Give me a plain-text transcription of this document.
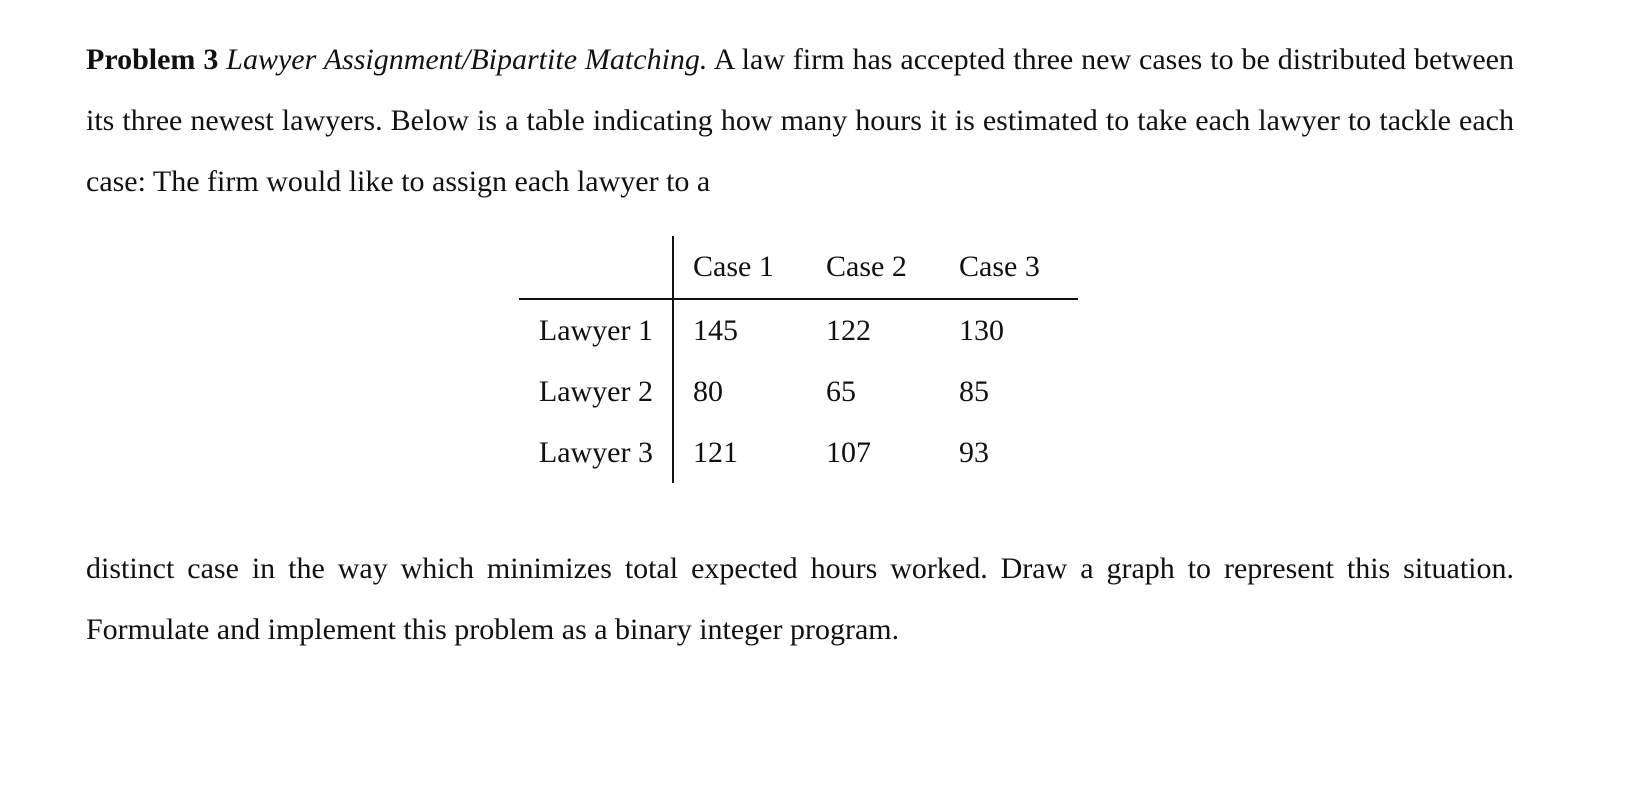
Problem 3 Lawyer Assignment/Bipartite Matching. A law firm has accepted three new cases to be distributed between its three newest lawyers. Below is a table indicating how many hours it is estimated to take each lawyer to tackle each case: The firm would like to assign each lawyer to a

	Case 1	Case 2	Case 3
Lawyer 1	145	122	130
Lawyer 2	80	65	85
Lawyer 3	121	107	93

distinct case in the way which minimizes total expected hours worked. Draw a graph to represent this situation. Formulate and implement this problem as a binary integer program.
